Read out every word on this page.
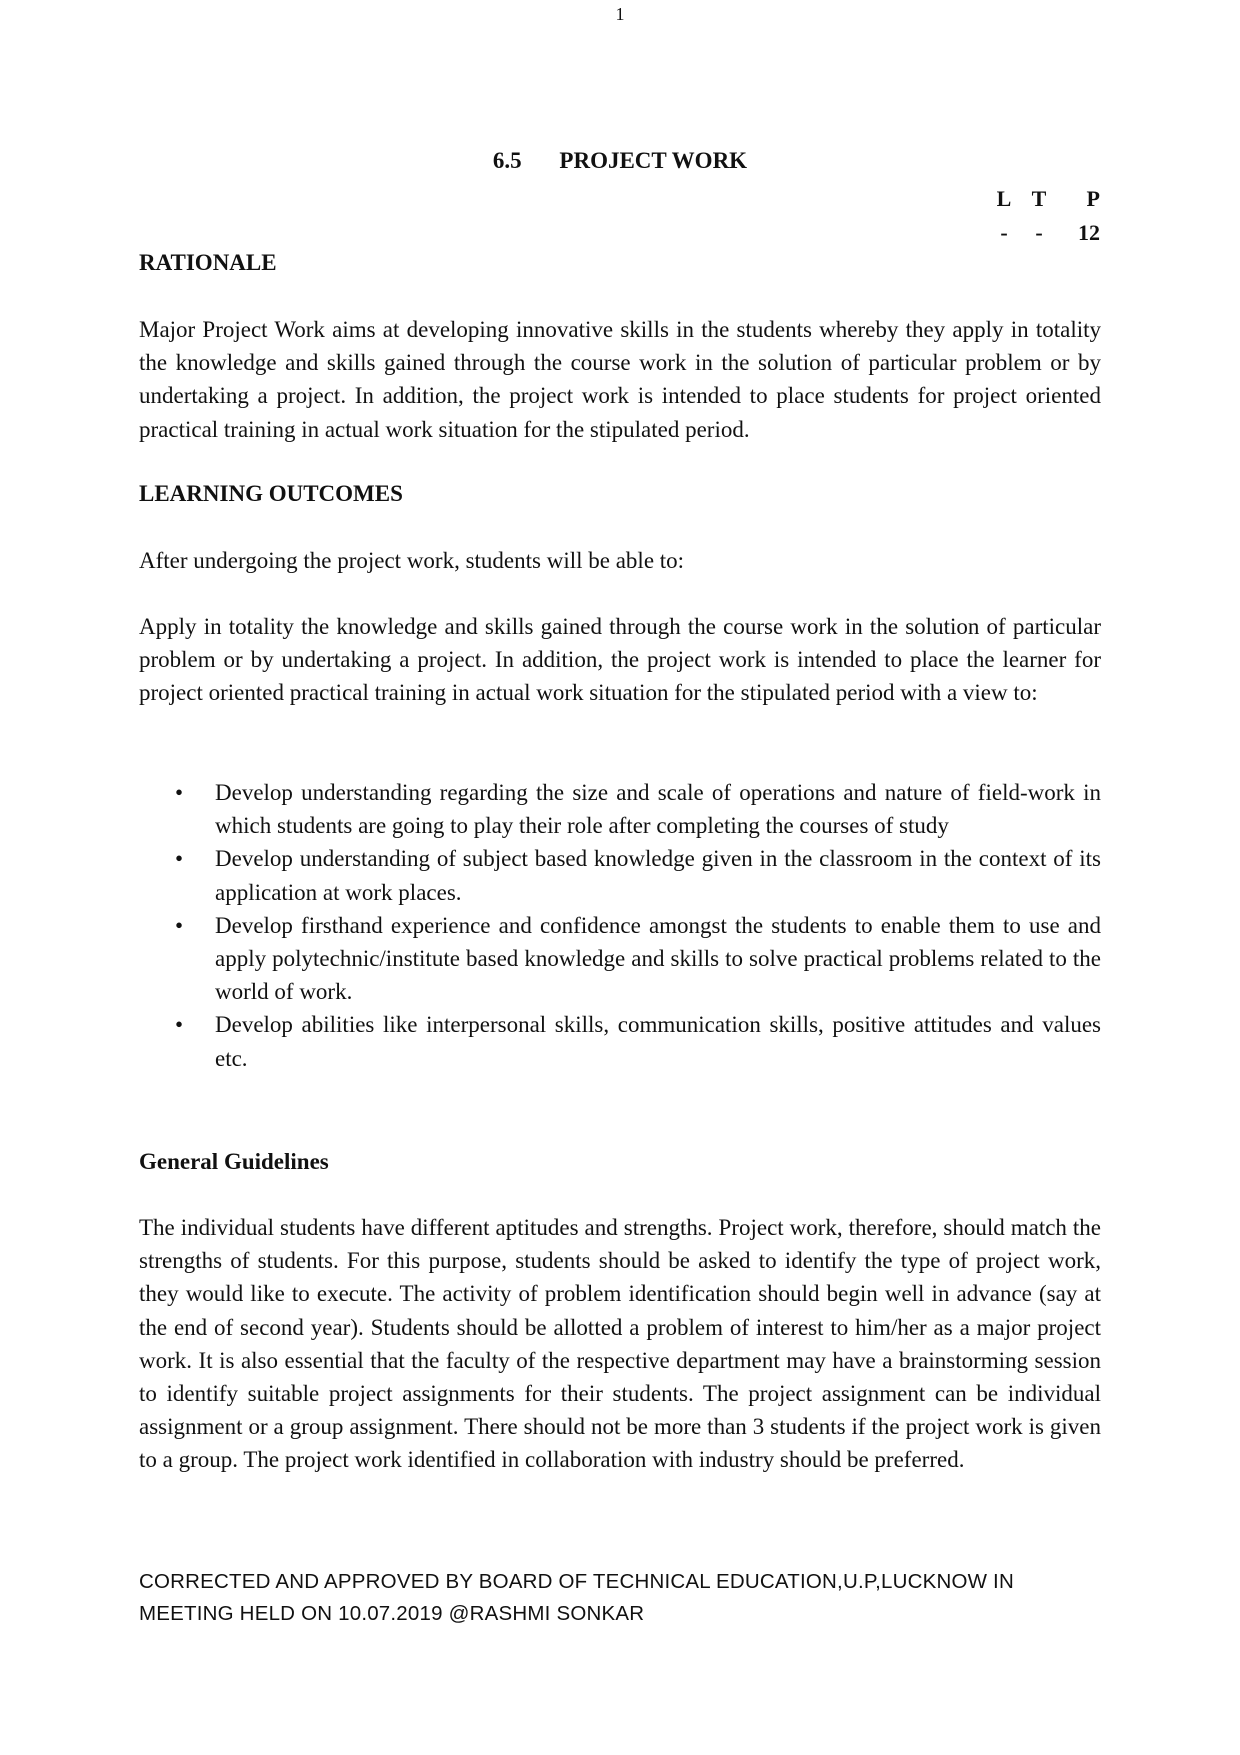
1
6.5 PROJECT WORK
L T	P
-	-	12

RATIONALE

Major Project Work aims at developing innovative skills in the students whereby they apply in totality the knowledge and skills gained through the course work in the solution of particular problem or by undertaking a project. In addition, the project work is intended to place students for project oriented practical training in actual work situation for the stipulated period.

LEARNING OUTCOMES

After undergoing the project work, students will be able to:

Apply in totality the knowledge and skills gained through the course work in the solution of particular problem or by undertaking a project. In addition, the project work is intended to place the learner for project oriented practical training in actual work situation for the stipulated period with a view to:

• Develop understanding regarding the size and scale of operations and nature of field-work in which students are going to play their role after completing the courses of study
• Develop understanding of subject based knowledge given in the classroom in the context of its application at work places.
• Develop firsthand experience and confidence amongst the students to enable them to use and apply polytechnic/institute based knowledge and skills to solve practical problems related to the world of work.
• Develop abilities like interpersonal skills, communication skills, positive attitudes and values etc.

General Guidelines

The individual students have different aptitudes and strengths. Project work, therefore, should match the strengths of students. For this purpose, students should be asked to identify the type of project work, they would like to execute. The activity of problem identification should begin well in advance (say at the end of second year). Students should be allotted a problem of interest to him/her as a major project work. It is also essential that the faculty of the respective department may have a brainstorming session to identify suitable project assignments for their students. The project assignment can be individual assignment or a group assignment. There should not be more than 3 students if the project work is given to a group. The project work identified in collaboration with industry should be preferred.

CORRECTED AND APPROVED BY BOARD OF TECHNICAL EDUCATION,U.P,LUCKNOW IN
MEETING HELD ON 10.07.2019 @RASHMI SONKAR
